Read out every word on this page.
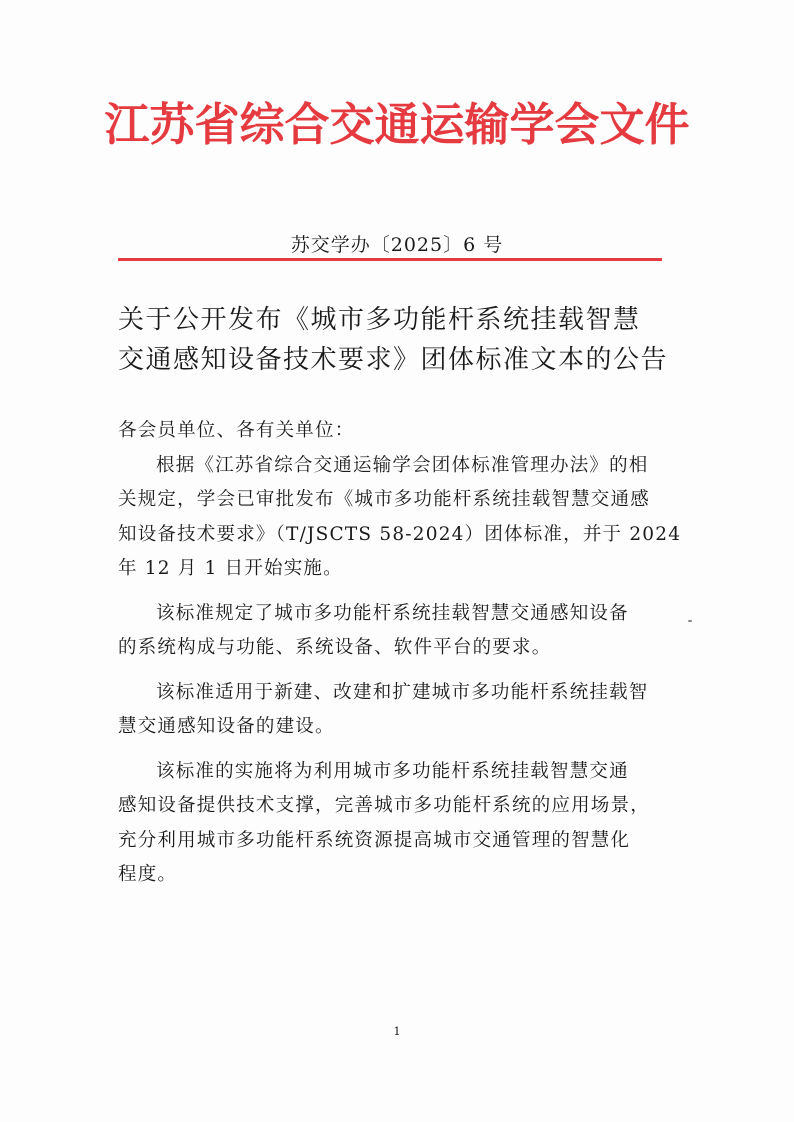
江苏省综合交通运输学会文件
苏交学办〔2025〕6 号
关于公开发布《城市多功能杆系统挂载智慧
交通感知设备技术要求》团体标准文本的公告
各会员单位、各有关单位：
根据《江苏省综合交通运输学会团体标准管理办法》的相
关规定，学会已审批发布《城市多功能杆系统挂载智慧交通感
知设备技术要求》（T/JSCTS 58-2024）团体标准，并于 2024
年 12 月 1 日开始实施。
该标准规定了城市多功能杆系统挂载智慧交通感知设备
的系统构成与功能、系统设备、软件平台的要求。
该标准适用于新建、改建和扩建城市多功能杆系统挂载智
慧交通感知设备的建设。
该标准的实施将为利用城市多功能杆系统挂载智慧交通
感知设备提供技术支撑，完善城市多功能杆系统的应用场景，
充分利用城市多功能杆系统资源提高城市交通管理的智慧化
程度。
1
